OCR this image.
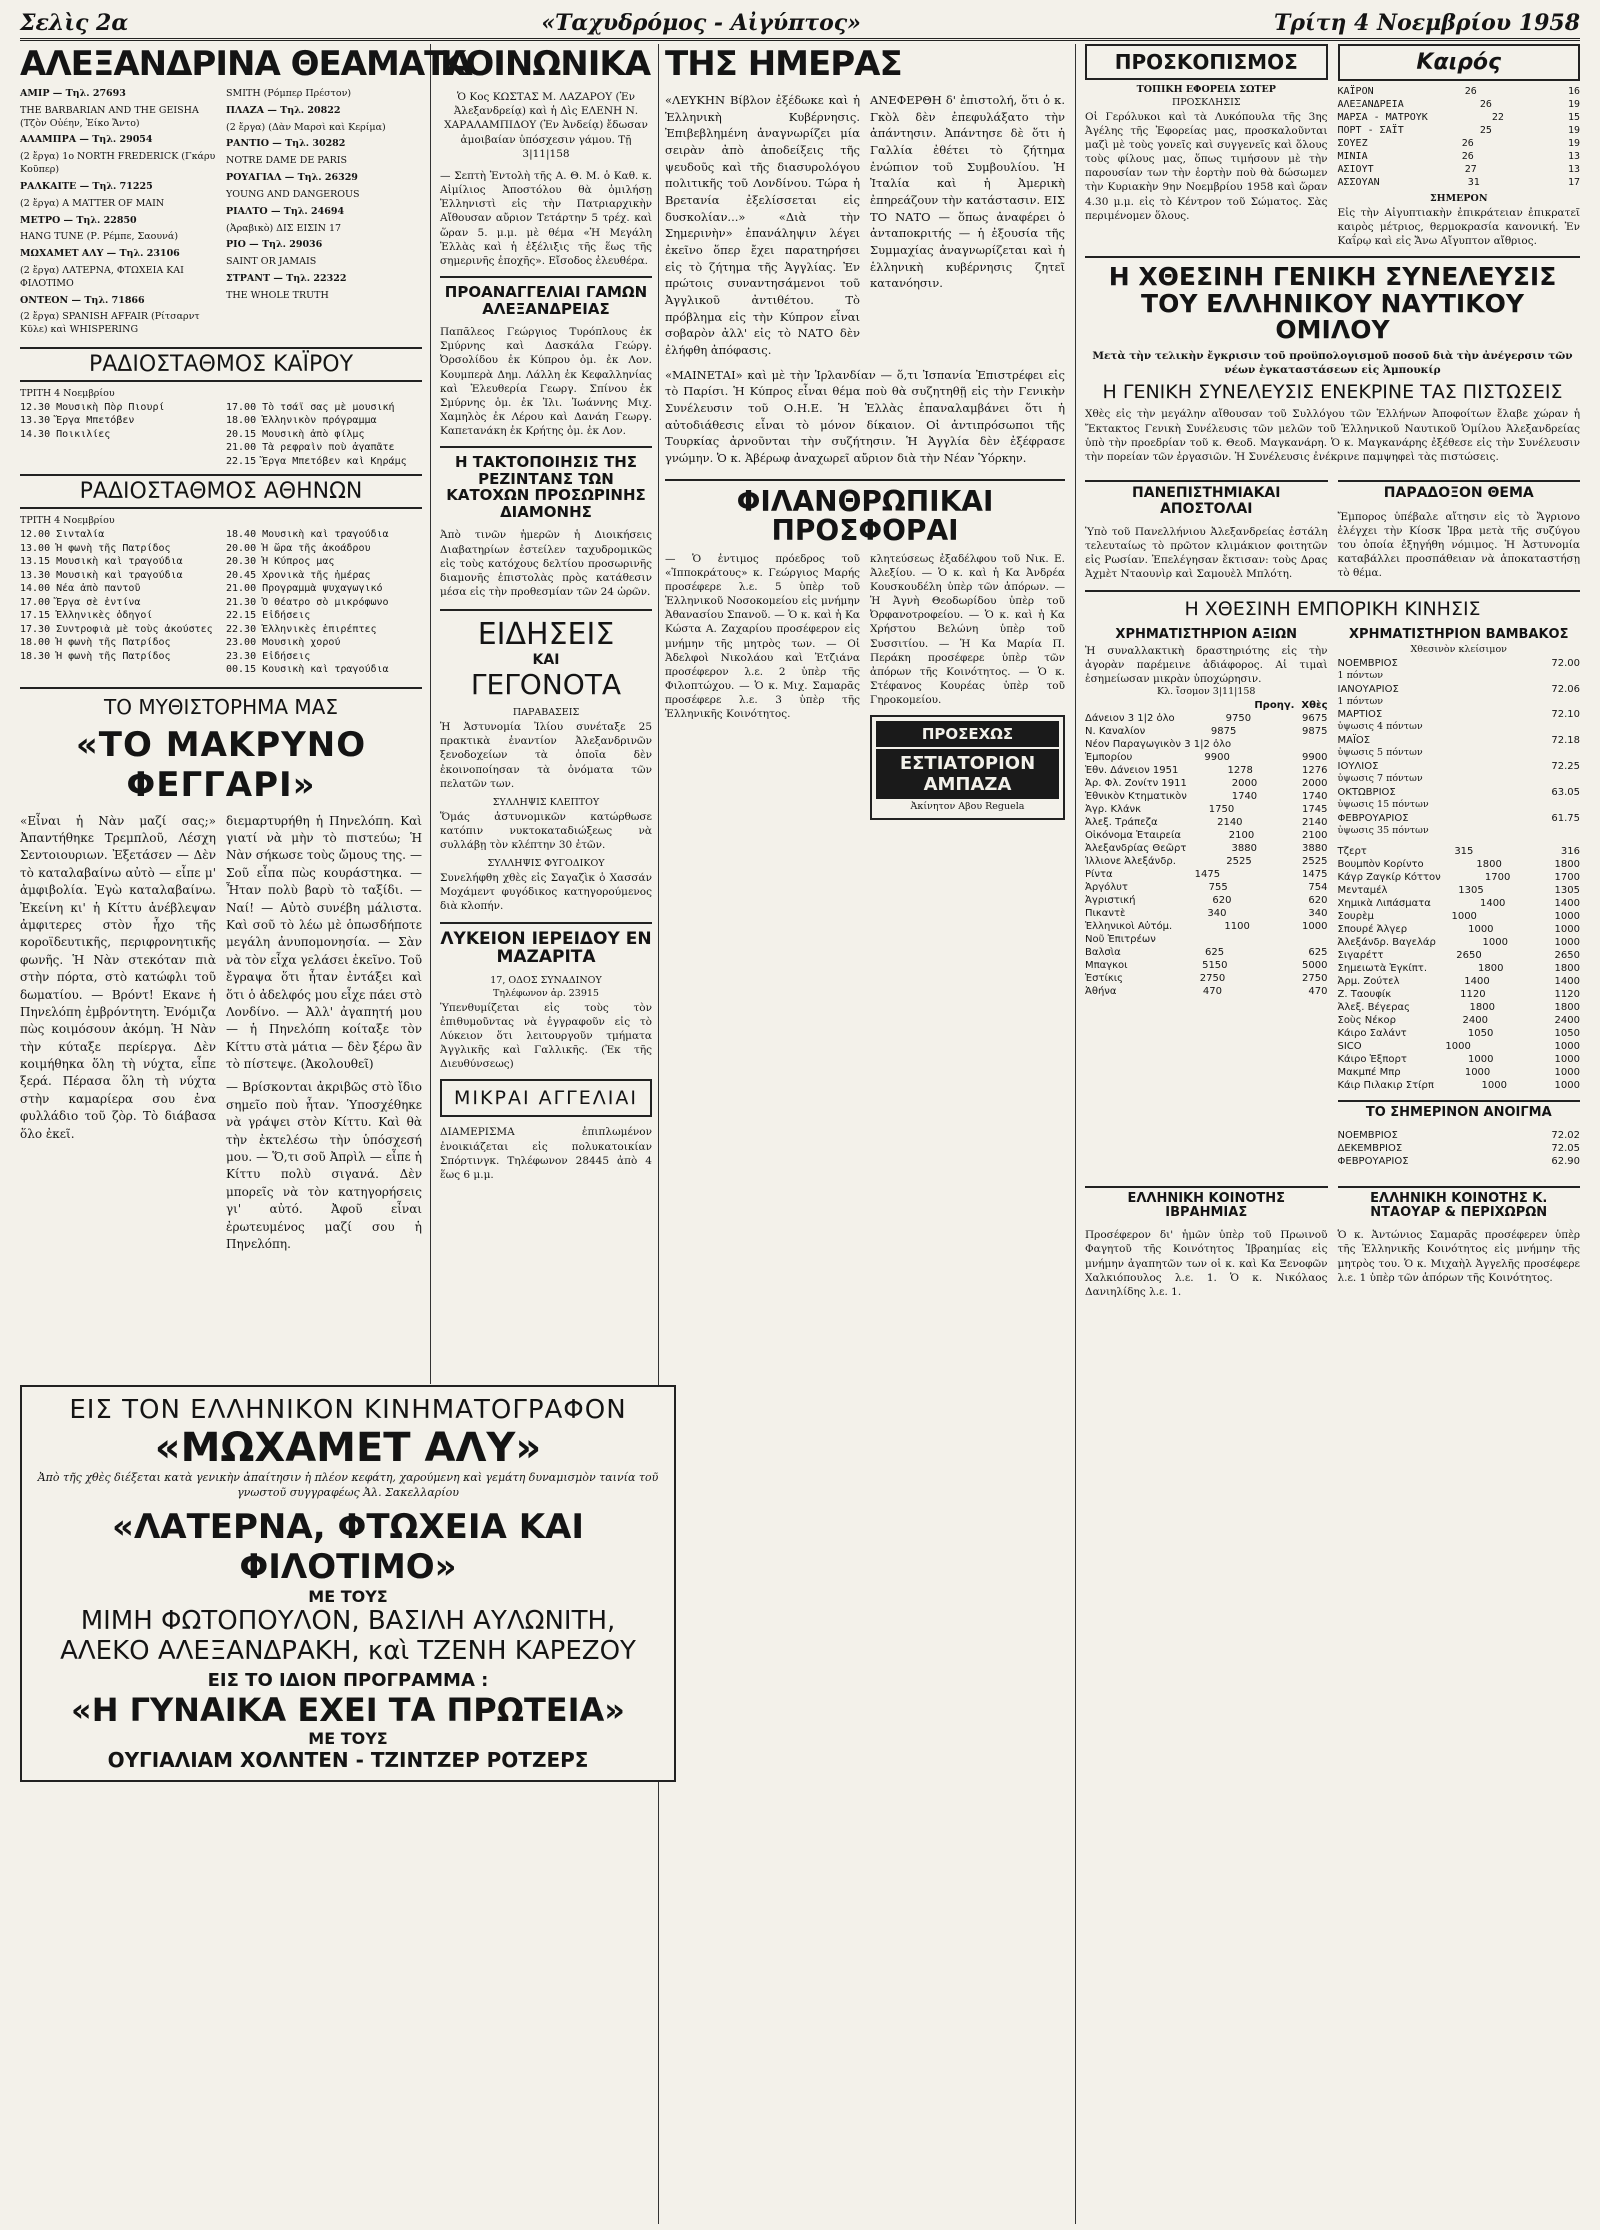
Σελὶς 2α	«Ταχυδρόμος - Αἰγύπτος»	Τρίτη 4 Νοεμβρίου 1958
ΑΛΕΞΑΝΔΡΙΝΑ ΘΕΑΜΑΤΑ

ΑΜΙΡ — Τηλ. 27693

THE BARBARIAN AND THE GEISHA (Τζὸν Οὐέην, Ἐίκο Ἄντο)

ΑΛΑΜΠΡΑ — Τηλ. 29054

(2 ἔργα) 1ο NORTH FREDERICK (Γκάρυ Κοῦπερ)

ΡΑΛΚΑΙΤΕ — Τηλ. 71225

(2 ἔργα) A MATTER OF MAIN

ΜΕΤΡΟ — Τηλ. 22850

HANG TUNE (Ρ. Ρέμπε, Σαουνά)

ΜΩΧΑΜΕΤ ΑΛΥ — Τηλ. 23106

(2 ἔργα) ΛΑΤΕΡΝΑ, ΦΤΩΧΕΙΑ ΚΑΙ ΦΙΛΟΤΙΜΟ

ΟΝΤΕΟΝ — Τηλ. 71866

(2 ἔργα) SPANISH AFFAIR (Ρίτσαρντ Κῦλε) καὶ WHISPERING

SMITH (Ρόμπερ Πρέστον)

ΠΛΑΖΑ — Τηλ. 20822

(2 ἔργα) (Δὰν Μαρσὶ καὶ Κερίμα)

ΡΑΝΤΙΟ — Τηλ. 30282

NOTRE DAME DE PARIS

ΡΟΥΑΓΙΑΛ — Τηλ. 26329

YOUNG AND DANGEROUS

ΡΙΑΛΤΟ — Τηλ. 24694

(Ἀραβικὸ) ΔΙΣ ΕΙΣΙΝ 17

ΡΙΟ — Τηλ. 29036

SAINT OR JAMAIS

ΣΤΡΑΝΤ — Τηλ. 22322

THE WHOLE TRUTH

ΡΑΔΙΟΣΤΑΘΜΟΣ ΚΑΪΡΟΥ
ΤΡΙΤΗ 4 Νοεμβρίου
12.30 Μουσικὴ Πὸρ Πιουρί
13.30 Ἔργα Μπετόβεν
14.30 Ποικιλίες
17.00 Τὸ τσάϊ σας μὲ μουσική
18.00 Ἑλληνικὸν πρόγραμμα
20.15 Μουσικὴ ἀπὸ φίλμς
21.00 Τὰ ρεφραὶν ποὺ ἀγαπᾶτε
22.15 Ἔργα Μπετόβεν καὶ Κηράμς
ΡΑΔΙΟΣΤΑΘΜΟΣ ΑΘΗΝΩΝ
ΤΡΙΤΗ 4 Νοεμβρίου
12.00 Σινταλία
13.00 Ἡ φωνὴ τῆς Πατρίδος
13.15 Μουσικὴ καὶ τραγούδια
13.30 Μουσικὴ καὶ τραγούδια
14.00 Νέα ἀπὸ παντοῦ
17.00 Ἔργα σὲ ἐντίνα
17.15 Ἑλληνικὲς ὁδηγοί
17.30 Συντροφιὰ μὲ τοὺς ἀκούστες
18.00 Ἡ φωνὴ τῆς Πατρίδος
18.30 Ἡ φωνὴ τῆς Πατρίδος
18.40 Μουσικὴ καὶ τραγούδια
20.00 Ἡ ὥρα τῆς ἀκοάδρου
20.30 Ἡ Κύπρος μας
20.45 Χρονικὰ τῆς ἡμέρας
21.00 Προγραμμὰ ψυχαγωγικό
21.30 Ὁ Θέατρο σὸ μικρόφωνο
22.15 Εἰδήσεις
22.30 Ἑλληνικὲς ἐπιρέπτες
23.00 Μουσικὴ χορού
23.30 Εἰδήσεις
00.15 Κουσικὴ καὶ τραγούδια
ΤΟ ΜΥΘΙΣΤΟΡΗΜΑ ΜΑΣ
«ΤΟ ΜΑΚΡΥΝΟ ΦΕΓΓΑΡΙ»
«Εἶναι ἡ Νὰν μαζί σας;» Ἀπαντήθηκε Τρεμπλοῦ, Λέσχη Σεντοιουριων. Ἐξετάσεν — Δὲν τὸ καταλαβαίνω αὐτὸ — εἶπε μ' ἀμφιβολία. Ἐγὼ καταλαβαίνω. Ἐκείνη κι' ἡ Κίττυ ἀνέβλεψαν ἀμφιτερες στὸν ἦχο τῆς κοροϊδευτικῆς, περιφρονητικῆς φωνῆς. Ἡ Νὰν στεκόταν πιὰ στὴν πόρτα, στὸ κατώφλι τοῦ δωματίου. — Βρόντ! Εκανε ἡ Πηνελόπη ἐμβρόντητη. Ἐνόμιζα πὼς κοιμόσουν ἀκόμη. Ἡ Νὰν τὴν κύταξε περίεργα. Δὲν κοιμήθηκα ὅλη τὴ νύχτα, εἶπε ξερά. Πέρασα ὅλη τὴ νύχτα στὴν καμαρίερα σου ἐνα φυλλάδιο τοῦ ζὸρ. Τὸ διάβασα ὅλο ἐκεῖ.
διεμαρτυρήθη ἡ Πηνελόπη. Καὶ γιατί νὰ μὴν τὸ πιστεύω; Ἡ Νὰν σήκωσε τοὺς ὤμους της. — Σοῦ εἶπα πὼς κουράστηκα. — Ἦταν πολὺ βαρὺ τὸ ταξίδι. — Ναί! — Αὐτὸ συνέβη μάλιστα. Καὶ σοῦ τὸ λέω μὲ ὁπωσδήποτε μεγάλη ἀνυπομονησία. — Σὰν νὰ τὸν εἶχα γελάσει ἐκεῖνο. Τοῦ ἔγραψα ὅτι ἦταν ἐντάξει καὶ ὅτι ὁ ἀδελφός μου εἶχε πάει στὸ Λονδίνο. — Ἀλλ' ἀγαπητή μου — ἡ Πηνελόπη κοίταξε τὸν Κίττυ στὰ μάτια — δὲν ξέρω ἂν τὸ πίστεψε. (Ἀκολουθεῖ)
— Βρίσκονται ἀκριβῶς στὸ ἴδιο σημεῖο ποὺ ἦταν. Ὑποσχέθηκε νὰ γράψει στὸν Κίττυ. Καὶ θὰ τὴν ἐκτελέσω τὴν ὑπόσχεσή μου. — Ὅ,τι σοῦ Ἀπρὶλ — εἶπε ἡ Κίττυ πολὺ σιγανά. Δὲν μπορεῖς νὰ τὸν κατηγορήσεις γι' αὐτό. Ἀφοῦ εἶναι ἐρωτευμένος μαζί σου ἡ Πηνελόπη.
ΚΟΙΝΩΝΙΚΑ
Ὁ Κος ΚΩΣΤΑΣ Μ. ΛΑΖΑΡΟΥ (Ἐν Ἀλεξανδρείᾳ) καὶ ἡ Δὶς ΕΛΕΝΗ Ν. ΧΑΡΑΛΑΜΠΙΔΟΥ (Ἐν Ἀνδείᾳ) ἔδωσαν ἀμοιβαίαν ὑπόσχεσιν γάμου. Τῇ 3|11|158
— Σεπτὴ Ἐντολὴ τῆς Α. Θ. Μ. ὁ Καθ. κ. Αἰμίλιος Ἀποστόλου θὰ ὁμιλήσῃ Ἑλληνιστὶ εἰς τὴν Πατριαρχικὴν Αἴθουσαν αὔριον Τετάρτην 5 τρέχ. καὶ ὥραν 5. μ.μ. μὲ θέμα «Ἡ Μεγάλη Ἑλλὰς καὶ ἡ ἐξέλιξις τῆς ἕως τῆς σημερινῆς ἐποχῆς». Εἴσοδος ἐλευθέρα.
ΠΡΟΑΝΑΓΓΕΛΙΑΙ ΓΑΜΩΝ ΑΛΕΞΑΝΔΡΕΙΑΣ
Παπᾶλεος Γεώργιος Τυρόπλους ἐκ Σμύρνης καὶ Δασκάλα Γεώργ. Ὀρσολίδου ἐκ Κύπρου ὁμ. ἐκ Λον. Κουμπερὰ Δημ. Λάλλη ἐκ Κεφαλληνίας καὶ Ἐλευθερία Γεωργ. Σπίνου ἐκ Σμύρνης ὁμ. ἐκ Ἰλι. Ἰωάννης Μιχ. Χαμηλὸς ἐκ Λέρου καὶ Δανάη Γεωργ. Καπετανάκη ἐκ Κρήτης ὁμ. ἐκ Λον.
Η ΤΑΚΤΟΠΟΙΗΣΙΣ ΤΗΣ ΡΕΖΙΝΤΑΝΣ ΤΩΝ ΚΑΤΟΧΩΝ ΠΡΟΣΩΡΙΝΗΣ ΔΙΑΜΟΝΗΣ
Ἀπὸ τινῶν ἡμερῶν ἡ Διοικήσεις Διαβατηρίων ἐστείλεν ταχυδρομικῶς εἰς τοὺς κατόχους δελτίου προσωρινῆς διαμονῆς ἐπιστολὰς πρὸς κατάθεσιν μέσα εἰς τὴν προθεσμίαν τῶν 24 ὡρῶν.
ΕΙΔΗΣΕΙΣ
ΚΑΙ
ΓΕΓΟΝΟΤΑ
ΠΑΡΑΒΑΣΕΙΣ
Ἡ Ἀστυνομία Ἰλίου συνέταξε 25 πρακτικὰ ἐναντίον Ἀλεξανδρινῶν ξενοδοχείων τὰ ὁποῖα δὲν ἐκοινοποίησαν τὰ ὀνόματα τῶν πελατῶν των.
ΣΥΛΛΗΨΙΣ ΚΛΕΠΤΟΥ
Ὅμάς ἀστυνομικῶν κατώρθωσε κατόπιν νυκτοκαταδιώξεως νὰ συλλάβῃ τὸν κλέπτην 30 ἐτῶν.
ΣΥΛΛΗΨΙΣ ΦΥΓΟΔΙΚΟΥ
Συνελήφθη χθὲς εἰς Σαγαζὶκ ὁ Χασσάν Μοχάμεντ φυγόδικος κατηγορούμενος διὰ κλοπήν.
ΛΥΚΕΙΟΝ ΙΕΡΕΙΔΟΥ ΕΝ ΜΑΖΑΡΙΤΑ
17, ΟΔΟΣ ΣΥΝΑΔΙΝΟΥ
Τηλέφωνον ἀρ. 23915
Ὑπενθυμίζεται εἰς τοὺς τὸν ἐπιθυμοῦντας νὰ ἐγγραφοῦν εἰς τὸ Λύκειον ὅτι λειτουργοῦν τμήματα Ἀγγλικῆς καὶ Γαλλικῆς. (Ἐκ τῆς Διευθύνσεως)
ΜΙΚΡΑΙ ΑΓΓΕΛΙΑΙ
ΔΙΑΜΕΡΙΣΜΑ ἐπιπλωμένον ἐνοικιάζεται εἰς πολυκατοικίαν Σπόρτινγκ. Τηλέφωνον 28445 ἀπὸ 4 ἕως 6 μ.μ.
ΕΙΣ ΤΟΝ ΕΛΛΗΝΙΚΟΝ ΚΙΝΗΜΑΤΟΓΡΑΦΟΝ
«ΜΩΧΑΜΕΤ ΑΛΥ»
Ἀπὸ τῆς χθὲς διέξεται κατὰ γενικὴν ἀπαίτησιν ἡ πλέον κεφάτη, χαρούμενη καὶ γεμάτη δυναμισμὸν ταινία τοῦ γνωστοῦ συγγραφέως Ἀλ. Σακελλαρίου
«ΛΑΤΕΡΝΑ, ΦΤΩΧΕΙΑ ΚΑΙ ΦΙΛΟΤΙΜΟ»
ΜΕ ΤΟΥΣ
ΜΙΜΗ ΦΩΤΟΠΟΥΛΟΝ, ΒΑΣΙΛΗ ΑΥΛΩΝΙΤΗ,
ΑΛΕΚΟ ΑΛΕΞΑΝΔΡΑΚΗ, καὶ ΤΖΕΝΗ ΚΑΡΕΖΟΥ
ΕΙΣ ΤΟ ΙΔΙΟΝ ΠΡΟΓΡΑΜΜΑ :
«Η ΓΥΝΑΙΚΑ ΕΧΕΙ ΤΑ ΠΡΩΤΕΙΑ»
ΜΕ ΤΟΥΣ
ΟΥΓΙΑΛΙΑΜ ΧΟΛΝΤΕΝ - ΤΖΙΝΤΖΕΡ ΡΟΤΖΕΡΣ
ΤΗΣ ΗΜΕΡΑΣ
«ΛΕΥΚΗΝ Βίβλον ἐξέδωκε καὶ ἡ Ἑλληνικὴ Κυβέρνησις. Ἐπιβεβλημένη ἀναγνωρίζει μία σειρὰν ἀπὸ ἀποδείξεις τῆς ψευδοῦς καὶ τῆς διασυρολόγου πολιτικῆς τοῦ Λονδίνου. Τώρα ἡ Βρετανία ἐξελίσσεται εἰς δυσκολίαν...» «Διὰ τὴν Σημερινὴν» ἐπανάληψιν λέγει ἐκεῖνο ὅπερ ἔχει παρατηρήσει εἰς τὸ ζήτημα τῆς Ἀγγλίας. Ἐν πρώτοις συναντησάμενοι τοῦ Ἀγγλικοῦ ἀντιθέτου. Τὸ πρόβλημα εἰς τὴν Κύπρον εἶναι σοβαρὸν ἀλλ' εἰς τὸ ΝΑΤΟ δὲν ἐλήφθη ἀπόφασις.
ΑΝΕΦΕΡΘΗ δ' ἐπιστολή, ὅτι ὁ κ. Γκὸλ δὲν ἐπεφυλάξατο τὴν ἀπάντησιν. Ἀπάντησε δὲ ὅτι ἡ Γαλλία ἐθέτει τὸ ζήτημα ἐνώπιον τοῦ Συμβουλίου. Ἡ Ἰταλία καὶ ἡ Ἀμερικὴ ἐπηρεάζουν τὴν κατάστασιν. ΕΙΣ ΤΟ ΝΑΤΟ — ὅπως ἀναφέρει ὁ ἀνταποκριτής — ἡ ἐξουσία τῆς Συμμαχίας ἀναγνωρίζεται καὶ ἡ ἑλληνικὴ κυβέρνησις ζητεῖ κατανόησιν.
«ΜΑΙΝΕΤΑΙ» καὶ μὲ τὴν Ἱρλανδίαν — ὅ,τι Ἰσπανία Ἐπιστρέφει εἰς τὸ Παρίσι. Ἡ Κύπρος εἶναι θέμα ποὺ θὰ συζητηθῇ εἰς τὴν Γενικὴν Συνέλευσιν τοῦ Ο.Η.Ε. Ἡ Ἑλλὰς ἐπαναλαμβάνει ὅτι ἡ αὐτοδιάθεσις εἶναι τὸ μόνον δίκαιον. Οἱ ἀντιπρόσωποι τῆς Τουρκίας ἀρνοῦνται τὴν συζήτησιν. Ἡ Ἀγγλία δὲν ἐξέφρασε γνώμην. Ὁ κ. Ἀβέρωφ ἀναχωρεῖ αὔριον διὰ τὴν Νέαν Ὑόρκην.
ΦΙΛΑΝΘΡΩΠΙΚΑΙ ΠΡΟΣΦΟΡΑΙ
— Ὁ ἐντιμος πρόεδρος τοῦ «Ἱπποκράτους» κ. Γεώργιος Μαρής προσέφερε λ.ε. 5 ὑπὲρ τοῦ Ἑλληνικοῦ Νοσοκομείου εἰς μνήμην Ἀθανασίου Σπανοῦ. — Ὁ κ. καὶ ἡ Κα Κώστα Α. Ζαχαρίου προσέφερον εἰς μνήμην τῆς μητρὸς των. — Οἱ Ἀδελφοὶ Νικολάου καὶ Ἐτζιάνα προσέφερον λ.ε. 2 ὑπὲρ τῆς Φιλοπτώχου. — Ὁ κ. Μιχ. Σαμαρᾶς προσέφερε λ.ε. 3 ὑπὲρ τῆς Ἑλληνικῆς Κοινότητος.
κλητεύσεως ἐξαδέλφου τοῦ Νικ. Ε. Ἀλεξίου. — Ὁ κ. καὶ ἡ Κα Ἀνδρέα Κουσκουδέλη ὑπὲρ τῶν ἀπόρων. — Ἡ Ἀγνὴ Θεοδωρίδου ὑπὲρ τοῦ Ὀρφανοτροφείου. — Ὁ κ. καὶ ἡ Κα Χρήστου Βελώνη ὑπὲρ τοῦ Συσσιτίου. — Ἡ Κα Μαρία Π. Περάκη προσέφερε ὑπὲρ τῶν ἀπόρων τῆς Κοινότητος. — Ὁ κ. Στέφανος Κουρέας ὑπὲρ τοῦ Γηροκομείου.
ΠΡΟΣΕΧΩΣ
ΕΣΤΙΑΤΟΡΙΟΝ ΑΜΠΑΖΑ
Ἀκίνητον Αβου Reguela
ΠΡΟΣΚΟΠΙΣΜΟΣ
ΤΟΠΙΚΗ ΕΦΟΡΕΙΑ ΣΩΤΕΡ
ΠΡΟΣΚΛΗΣΙΣ
Οἱ Γερόλυκοι καὶ τὰ Λυκόπουλα τῆς 3ης Ἀγέλης τῆς Ἐφορείας μας, προσκαλοῦνται μαζὶ μὲ τοὺς γονεῖς καὶ συγγενεῖς καὶ ὅλους τοὺς φίλους μας, ὅπως τιμήσουν μὲ τὴν παρουσίαν των τὴν ἑορτὴν ποὺ θὰ δώσωμεν τὴν Κυριακὴν 9ην Νοεμβρίου 1958 καὶ ὥραν 4.30 μ.μ. εἰς τὸ Κέντρον τοῦ Σώματος. Σὰς περιμένομεν ὅλους.
Καιρός
ΚΑΪΡΟΝ	26	16
ΑΛΕΞΑΝΔΡΕΙΑ	26	19
ΜΑΡΣΑ - ΜΑΤΡΟΥΚ	22	15
ΠΟΡΤ - ΣΑΪΤ	25	19
ΣΟΥΕΖ	26	19
ΜΙΝΙΑ	26	13
ΑΣΙΟΥΤ	27	13
ΑΣΣΟΥΑΝ	31	17
ΣΗΜΕΡΟΝ
Εἰς τὴν Αἰγυπτιακὴν ἐπικράτειαν ἐπικρατεῖ καιρὸς μέτριος, θερμοκρασία κανονική. Ἐν Καΐρῳ καὶ εἰς Ἄνω Αἴγυπτον αἴθριος.
Η ΧΘΕΣΙΝΗ ΓΕΝΙΚΗ ΣΥΝΕΛΕΥΣΙΣ ΤΟΥ ΕΛΛΗΝΙΚΟΥ ΝΑΥΤΙΚΟΥ ΟΜΙΛΟΥ
Μετὰ τὴν τελικὴν ἔγκρισιν τοῦ προϋπολογισμοῦ ποσοῦ διὰ τὴν ἀνέγερσιν τῶν νέων ἐγκαταστάσεων εἰς Ἀμπουκίρ
Η ΓΕΝΙΚΗ ΣΥΝΕΛΕΥΣΙΣ ΕΝΕΚΡΙΝΕ ΤΑΣ ΠΙΣΤΩΣΕΙΣ
Χθὲς εἰς τὴν μεγάλην αἴθουσαν τοῦ Συλλόγου τῶν Ἑλλήνων Ἀποφοίτων ἔλαβε χώραν ἡ Ἔκτακτος Γενικὴ Συνέλευσις τῶν μελῶν τοῦ Ἑλληνικοῦ Ναυτικοῦ Ὁμίλου Ἀλεξανδρείας ὑπὸ τὴν προεδρίαν τοῦ κ. Θεοδ. Μαγκανάρη. Ὁ κ. Μαγκανάρης ἐξέθεσε εἰς τὴν Συνέλευσιν τὴν πορείαν τῶν ἐργασιῶν. Ἡ Συνέλευσις ἐνέκρινε παμψηφεὶ τὰς πιστώσεις.
ΠΑΝΕΠΙΣΤΗΜΙΑΚΑΙ ΑΠΟΣΤΟΛΑΙ
Ὑπὸ τοῦ Πανελλήνιου Ἀλεξανδρείας ἐστάλη τελευταίως τὸ πρῶτον κλιμάκιον φοιτητῶν εἰς Ρωσίαν. Ἐπελέγησαν ἔκτισαν: τοὺς Δρας Ἀχμὲτ Νταουνὶρ καὶ Σαμουὲλ Μπλότη.
ΠΑΡΑΔΟΞΟΝ ΘΕΜΑ
Ἔμπορος ὑπέβαλε αἴτησιν εἰς τὸ Ἄγριονο ἐλέγχει τὴν Κίοσκ Ἰβρα μετὰ τῆς συζύγου του ὁποία ἐξηγήθη νόμιμος. Ἡ Ἀστυνομία καταβάλλει προσπάθειαν νὰ ἀποκαταστήσῃ τὸ θέμα.
Η ΧΘΕΣΙΝΗ ΕΜΠΟΡΙΚΗ ΚΙΝΗΣΙΣ
ΧΡΗΜΑΤΙΣΤΗΡΙΟΝ ΑΞΙΩΝ
Ἡ συναλλακτικὴ δραστηριότης εἰς τὴν ἀγορὰν παρέμεινε ἀδιάφορος. Αἱ τιμαὶ ἐσημείωσαν μικρὰν ὑποχώρησιν.
Κλ. ἴσομον 3|11|158
Προηγ. Χθὲς
Δάνειον 3 1|2 ὀλο	9750	9675
Ν. Καναλίον	9875	9875
Νέον Παραγωγικὸν 3 1|2 ὀλο
Ἐμπορίου	9900	9900
Ἐθν. Δάνειον 1951	1278	1276
Ἀρ. Φλ. Ζονίτν 1911	2000	2000
Ἐθνικὸν Κτηματικὸν	1740	1740
Ἀγρ. Κλάνκ	1750	1745
Ἀλεξ. Τράπεζα	2140	2140
Οἰκόνομα Ἐταιρεία	2100	2100
Ἀλεξανδρίας Θεῶρτ	3880	3880
Ἰλλιονε Ἀλεξάνδρ.	2525	2525
Ρίντα	1475	1475
Ἀργόλυτ	755	754
Ἀγριστική	620	620
Πικαντὲ	340	340
Ἑλληνικοὶ Αὐτόμ.	1100	1000
Νοῦ Ἐπιτρέων
Βαλσὶα	625	625
Μπαγκοι	5150	5000
Ἐστίκις	2750	2750
Ἀθήνα	470	470
ΧΡΗΜΑΤΙΣΤΗΡΙΟΝ ΒΑΜΒΑΚΟΣ
Χθεσινὸν κλείσιμον
ΝΟΕΜΒΡΙΟΣ	72.00
1 πόντων
ΙΑΝΟΥΑΡΙΟΣ	72.06
1 πόντων
ΜΑΡΤΙΟΣ	72.10
ὑψωσις 4 πόντων
ΜΑΪΟΣ	72.18
ὑψωσις 5 πόντων
ΙΟΥΛΙΟΣ	72.25
ὑψωσις 7 πόντων
ΟΚΤΩΒΡΙΟΣ	63.05
ὑψωσις 15 πόντων
ΦΕΒΡΟΥΑΡΙΟΣ	61.75
ὑψωσις 35 πόντων
Τζερτ	315	316
Βουμπὸν Κορίντο	1800	1800
Κάγρ Ζαγκίρ Κόττον	1700	1700
Μενταμέλ	1305	1305
Χημικὰ Λιπάσματα	1400	1400
Σουρὲμ	1000	1000
Σπουρέ Ἀλγερ	1000	1000
Ἀλεξάνδρ. Βαγελάρ	1000	1000
Σιγαρέττ	2650	2650
Σημειωτὰ Ἐγκίπτ.	1800	1800
Ἀρμ. Ζούτελ	1400	1400
Ζ. Ταουφίκ	1120	1120
Ἀλεξ. Βέγερας	1800	1800
Σοὺς Νέκορ	2400	2400
Κάιρο Σαλάντ	1050	1050
SICO	1000	1000
Κάιρο Ἐξπορτ	1000	1000
Μακμπέ Μπρ	1000	1000
Κάιρ Πιλακιρ Στίρπ	1000	1000
ΤΟ ΣΗΜΕΡΙΝΟΝ ΑΝΟΙΓΜΑ
ΝΟΕΜΒΡΙΟΣ	72.02
ΔΕΚΕΜΒΡΙΟΣ	72.05
ΦΕΒΡΟΥΑΡΙΟΣ	62.90
ΕΛΛΗΝΙΚΗ ΚΟΙΝΟΤΗΣ ΙΒΡΑΗΜΙΑΣ
Προσέφερον δι' ἡμῶν ὑπὲρ τοῦ Πρωινοῦ Φαγητοῦ τῆς Κοινότητος Ἰβραημίας εἰς μνήμην ἀγαπητῶν των οἱ κ. καὶ Κα Ξενοφῶν Χαλκιόπουλος λ.ε. 1. Ὁ κ. Νικόλαος Δανιηλίδης λ.ε. 1.
ΕΛΛΗΝΙΚΗ ΚΟΙΝΟΤΗΣ Κ. ΝΤΑΟΥΑΡ & ΠΕΡΙΧΩΡΩΝ
Ὁ κ. Ἀντώνιος Σαμαρᾶς προσέφερεν ὑπὲρ τῆς Ἑλληνικῆς Κοινότητος εἰς μνήμην τῆς μητρὸς του. Ὁ κ. Μιχαὴλ Ἀγγελῆς προσέφερε λ.ε. 1 ὑπὲρ τῶν ἀπόρων τῆς Κοινότητος.
